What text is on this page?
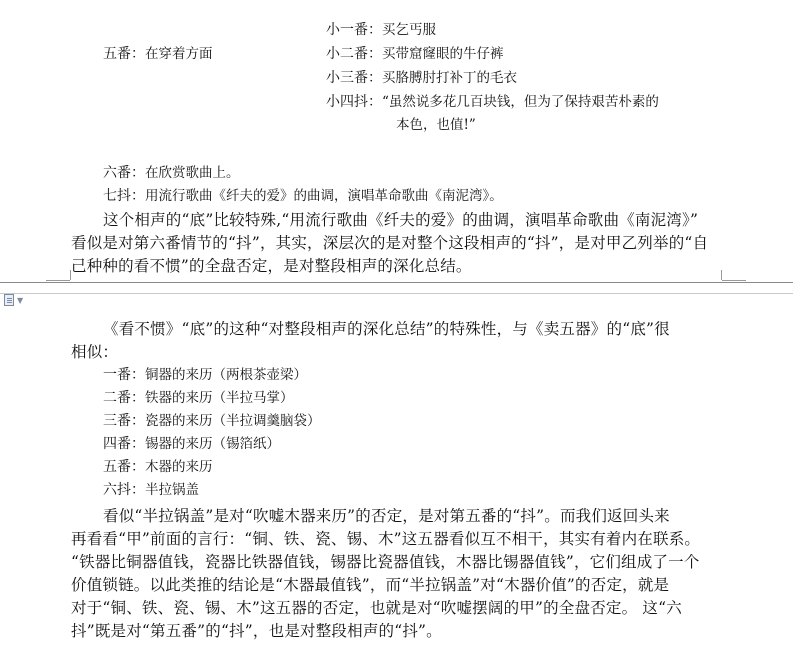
五番：在穿着方面
小一番：买乞丐服
小二番：买带窟窿眼的牛仔裤
小三番：买胳膊肘打补丁的毛衣
小四抖：“虽然说多花几百块钱，但为了保持艰苦朴素的
本色，也值!”
六番：在欣赏歌曲上。
七抖：用流行歌曲《纤夫的爱》的曲调，演唱革命歌曲《南泥湾》。
这个相声的“底”比较特殊,“用流行歌曲《纤夫的爱》的曲调，演唱革命歌曲《南泥湾》”
看似是对第六番情节的“抖”，其实，深层次的是对整个这段相声的“抖”，是对甲乙列举的“自
己种种的看不惯”的全盘否定，是对整段相声的深化总结。
《看不惯》“底”的这种“对整段相声的深化总结”的特殊性，与《卖五器》的“底”很
相似：
一番：铜器的来历（两根茶壶梁）
二番：铁器的来历（半拉马掌）
三番：瓷器的来历（半拉调羹脑袋）
四番：锡器的来历（锡箔纸）
五番：木器的来历
六抖：半拉锅盖
看似“半拉锅盖”是对“吹嘘木器来历”的否定，是对第五番的“抖”。而我们返回头来
再看看“甲”前面的言行：“铜、铁、瓷、锡、木”这五器看似互不相干，其实有着内在联系。
“铁器比铜器值钱，瓷器比铁器值钱，锡器比瓷器值钱，木器比锡器值钱”，它们组成了一个
价值锁链。以此类推的结论是“木器最值钱”，而“半拉锅盖”对“木器价值”的否定，就是
对于“铜、铁、瓷、锡、木”这五器的否定，也就是对“吹嘘摆阔的甲”的全盘否定。 这“六
抖”既是对“第五番”的“抖”，也是对整段相声的“抖”。
▼
